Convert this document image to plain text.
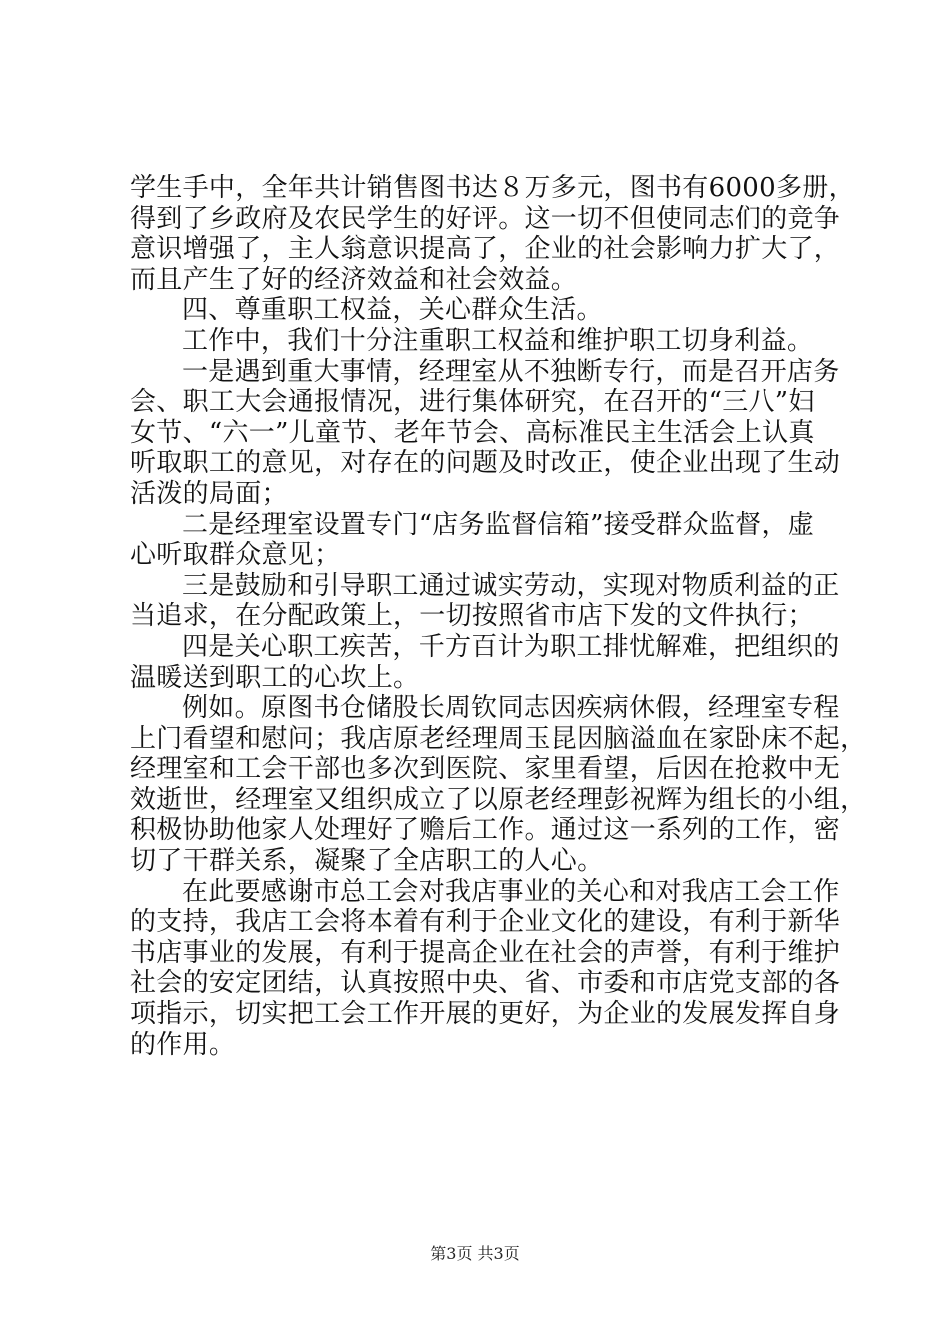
学生手中，全年共计销售图书达８万多元，图书有6000多册，
得到了乡政府及农民学生的好评。这一切不但使同志们的竞争
意识增强了，主人翁意识提高了，企业的社会影响力扩大了，
而且产生了好的经济效益和社会效益。
四、尊重职工权益，关心群众生活。
工作中，我们十分注重职工权益和维护职工切身利益。
一是遇到重大事情，经理室从不独断专行，而是召开店务
会、职工大会通报情况，进行集体研究，在召开的“三八”妇
女节、“六一”儿童节、老年节会、高标准民主生活会上认真
听取职工的意见，对存在的问题及时改正，使企业出现了生动
活泼的局面；
二是经理室设置专门“店务监督信箱”接受群众监督，虚
心听取群众意见；
三是鼓励和引导职工通过诚实劳动，实现对物质利益的正
当追求，在分配政策上，一切按照省市店下发的文件执行；
四是关心职工疾苦，千方百计为职工排忧解难，把组织的
温暖送到职工的心坎上。
例如。原图书仓储股长周钦同志因疾病休假，经理室专程
上门看望和慰问；我店原老经理周玉昆因脑溢血在家卧床不起，
经理室和工会干部也多次到医院、家里看望，后因在抢救中无
效逝世，经理室又组织成立了以原老经理彭祝辉为组长的小组，
积极协助他家人处理好了赡后工作。通过这一系列的工作，密
切了干群关系，凝聚了全店职工的人心。
在此要感谢市总工会对我店事业的关心和对我店工会工作
的支持，我店工会将本着有利于企业文化的建设，有利于新华
书店事业的发展，有利于提高企业在社会的声誉，有利于维护
社会的安定团结，认真按照中央、省、市委和市店党支部的各
项指示，切实把工会工作开展的更好，为企业的发展发挥自身
的作用。
第3页 共3页
